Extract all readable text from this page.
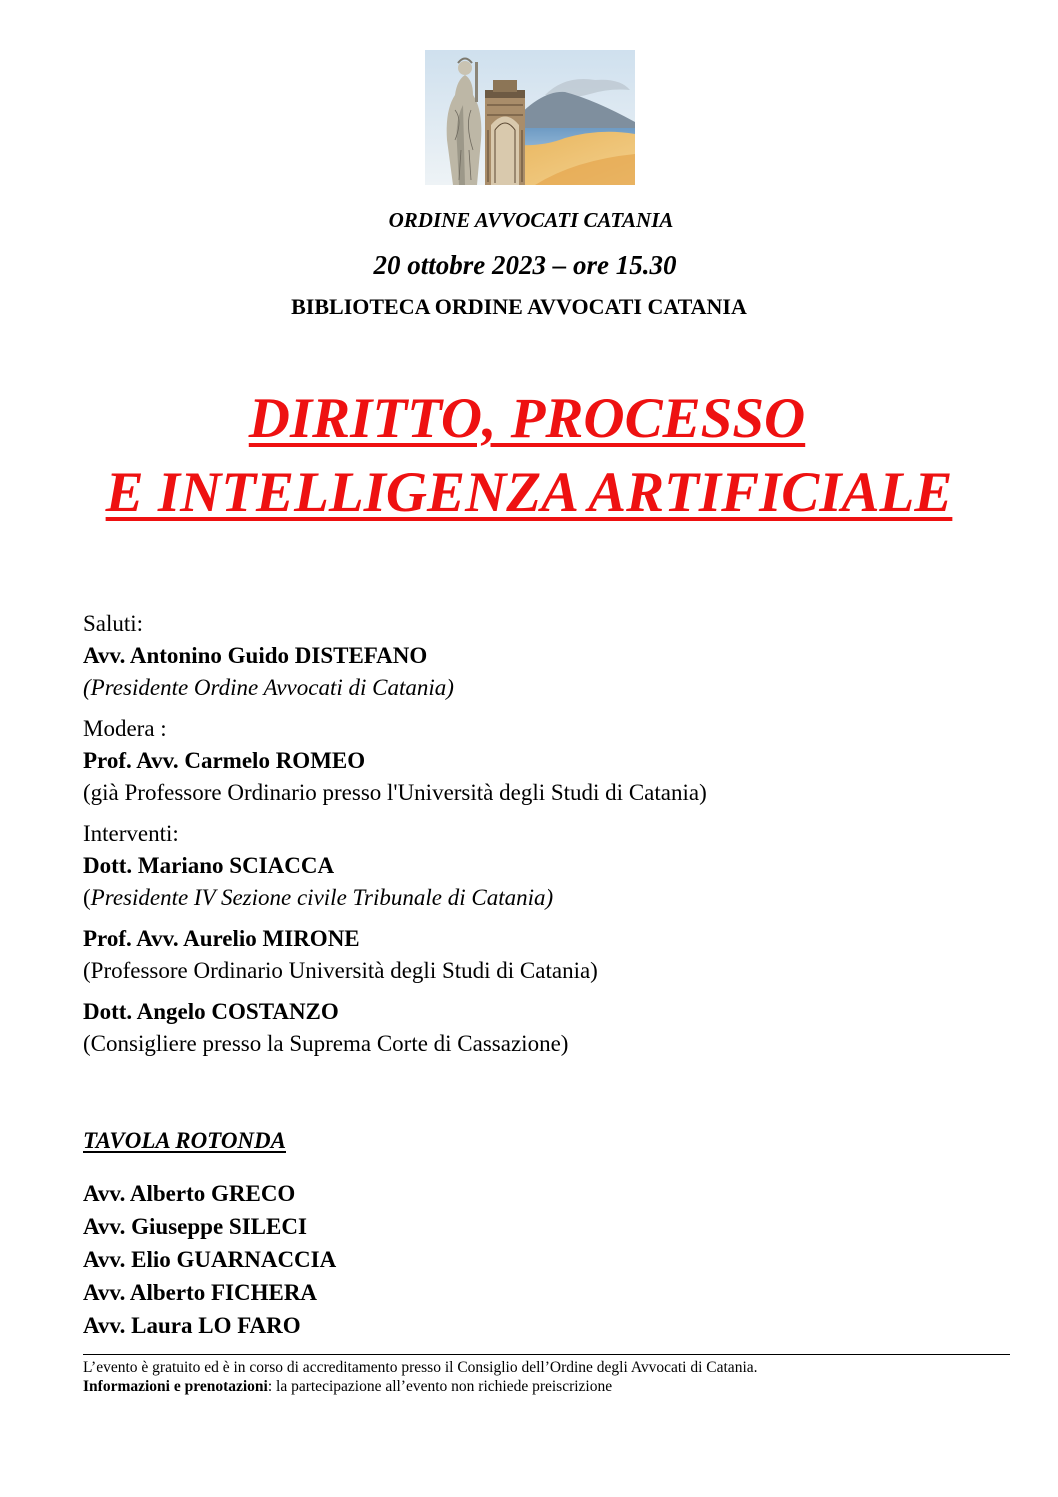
ORDINE AVVOCATI CATANIA
20 ottobre 2023 – ore 15.30
BIBLIOTECA ORDINE AVVOCATI CATANIA
DIRITTO, PROCESSO
E INTELLIGENZA ARTIFICIALE
Saluti:
Avv. Antonino Guido DISTEFANO
(Presidente Ordine Avvocati di Catania)
Modera :
Prof. Avv. Carmelo ROMEO
(già Professore Ordinario presso l'Università degli Studi di Catania)
Interventi:
Dott. Mariano SCIACCA
(Presidente IV Sezione civile Tribunale di Catania)
Prof. Avv. Aurelio MIRONE
(Professore Ordinario Università degli Studi di Catania)
Dott. Angelo COSTANZO
(Consigliere presso la Suprema Corte di Cassazione)
TAVOLA ROTONDA
Avv. Alberto GRECO
Avv. Giuseppe SILECI
Avv. Elio GUARNACCIA
Avv. Alberto FICHERA
Avv. Laura LO FARO
L’evento è gratuito ed è in corso di accreditamento presso il Consiglio dell’Ordine degli Avvocati di Catania.
Informazioni e prenotazioni: la partecipazione all’evento non richiede preiscrizione
